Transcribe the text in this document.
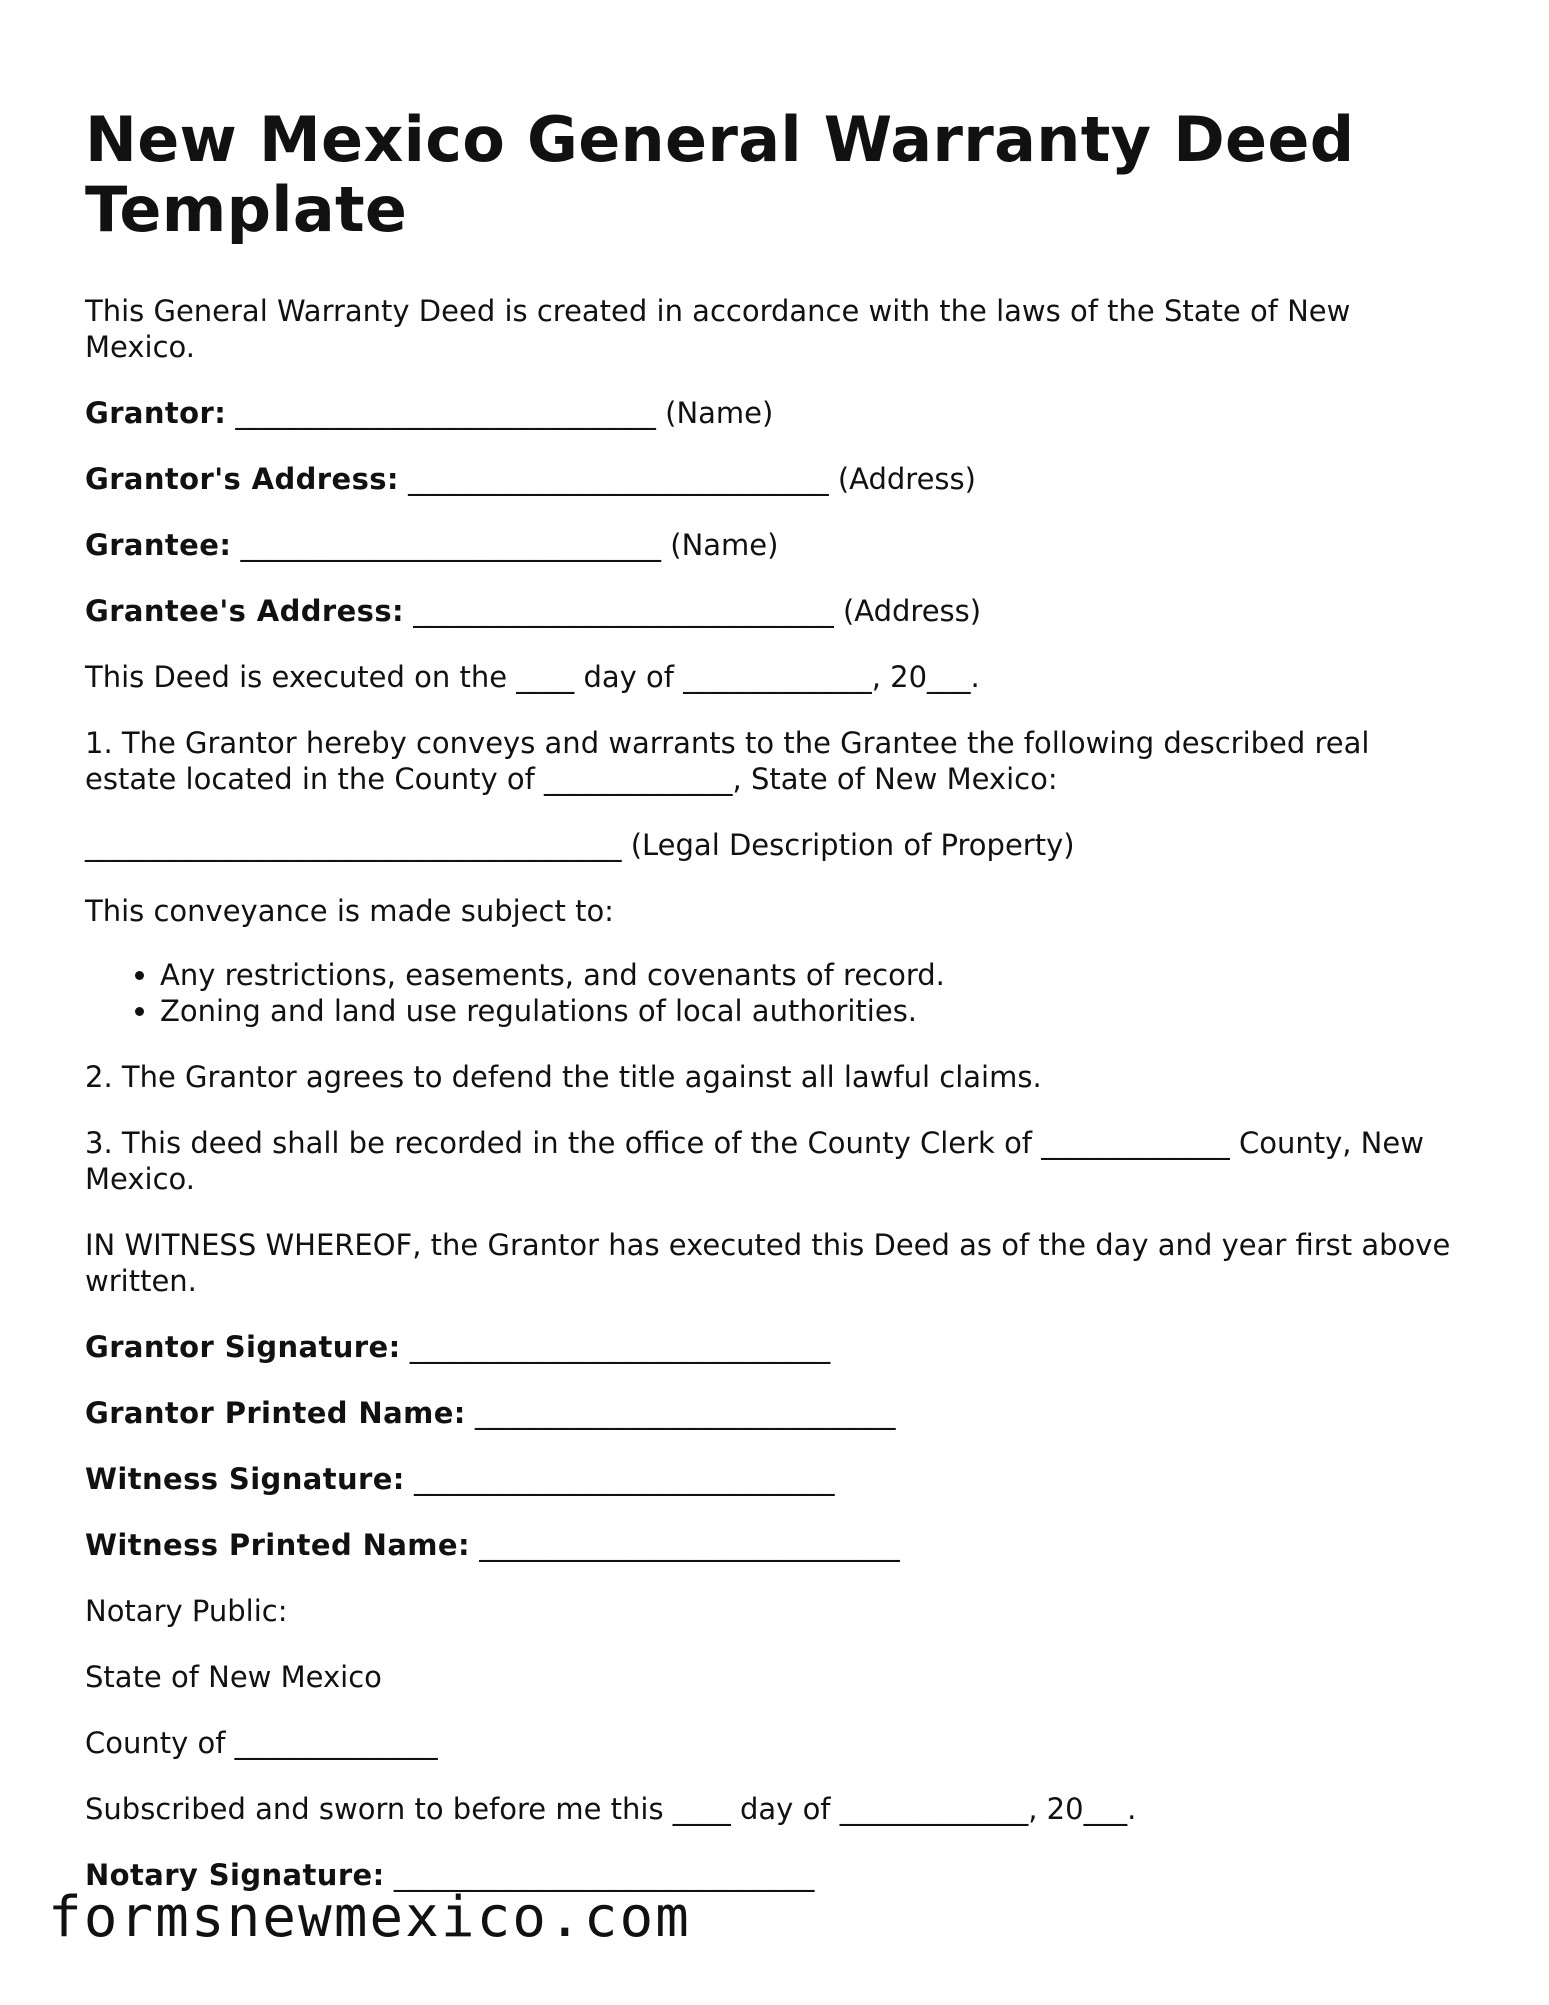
New Mexico General Warranty Deed Template

This General Warranty Deed is created in accordance with the laws of the State of New Mexico.

Grantor: _____________________________ (Name)

Grantor's Address: _____________________________ (Address)

Grantee: _____________________________ (Name)

Grantee's Address: _____________________________ (Address)

This Deed is executed on the ____ day of _____________, 20___.

1. The Grantor hereby conveys and warrants to the Grantee the following described real estate located in the County of _____________, State of New Mexico:

_____________________________________ (Legal Description of Property)

This conveyance is made subject to:

• Any restrictions, easements, and covenants of record.
• Zoning and land use regulations of local authorities.

2. The Grantor agrees to defend the title against all lawful claims.

3. This deed shall be recorded in the office of the County Clerk of _____________ County, New Mexico.

IN WITNESS WHEREOF, the Grantor has executed this Deed as of the day and year first above written.

Grantor Signature: _____________________________

Grantor Printed Name: _____________________________

Witness Signature: _____________________________

Witness Printed Name: _____________________________

Notary Public:

State of New Mexico

County of ______________

Subscribed and sworn to before me this ____ day of _____________, 20___.

Notary Signature: _____________________________

formsnewmexico.com
